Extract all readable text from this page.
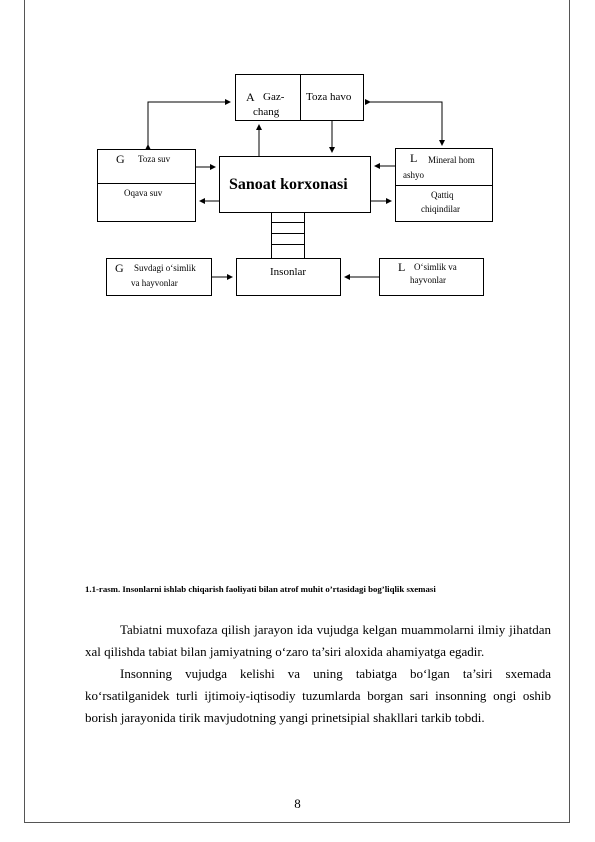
A Gaz-
chang
Toza havo
G Toza suv
Oqava suv	Sanoat korxonasi
L Mineral hom
ashyo
Qattiq
chiqindilar
G Suvdagi o‘simlik
va hayvonlar
Insonlar	L O‘simlik va
hayvonlar
1.1-rasm. Insonlarni ishlab chiqarish faoliyati bilan atrof muhit o’rtasidagi bog’liqlik sxemasi

Tabiatni muxofaza qilish jarayon ida vujudga kelgan muammolarni ilmiy jihatdan xal qilishda tabiat bilan jamiyatning o‘zaro ta’siri aloxida ahamiyatga egadir.

Insonning vujudga kelishi va uning tabiatga bo‘lgan ta’siri sxemada ko‘rsatilganidek turli ijtimoiy-iqtisodiy tuzumlarda borgan sari insonning ongi oshib borish jarayonida tirik mavjudotning yangi prinetsipial shakllari tarkib tobdi.

8
